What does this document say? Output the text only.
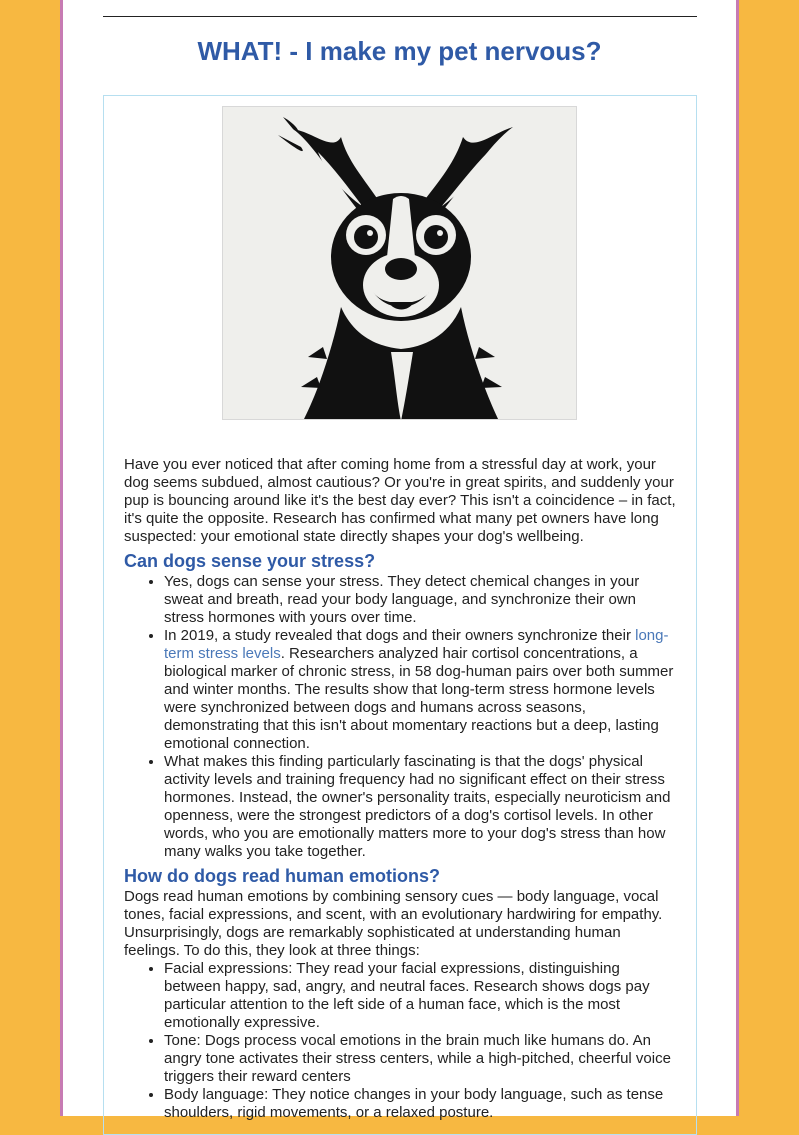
WHAT! - I make my pet nervous?

Have you ever noticed that after coming home from a stressful day at work, your dog seems subdued, almost cautious? Or you're in great spirits, and suddenly your pup is bouncing around like it's the best day ever? This isn't a coincidence – in fact, it's quite the opposite. Research has confirmed what many pet owners have long suspected: your emotional state directly shapes your dog's wellbeing.

Can dogs sense your stress?
• Yes, dogs can sense your stress. They detect chemical changes in your sweat and breath, read your body language, and synchronize their own stress hormones with yours over time.
• In 2019, a study revealed that dogs and their owners synchronize their long-term stress levels. Researchers analyzed hair cortisol concentrations, a biological marker of chronic stress, in 58 dog-human pairs over both summer and winter months. The results show that long-term stress hormone levels were synchronized between dogs and humans across seasons, demonstrating that this isn't about momentary reactions but a deep, lasting emotional connection.
• What makes this finding particularly fascinating is that the dogs' physical activity levels and training frequency had no significant effect on their stress hormones. Instead, the owner's personality traits, especially neuroticism and openness, were the strongest predictors of a dog's cortisol levels. In other words, who you are emotionally matters more to your dog's stress than how many walks you take together.
How do dogs read human emotions?

Dogs read human emotions by combining sensory cues — body language, vocal tones, facial expressions, and scent, with an evolutionary hardwiring for empathy. Unsurprisingly, dogs are remarkably sophisticated at understanding human feelings. To do this, they look at three things:

• Facial expressions: They read your facial expressions, distinguishing between happy, sad, angry, and neutral faces. Research shows dogs pay particular attention to the left side of a human face, which is the most emotionally expressive.
• Tone: Dogs process vocal emotions in the brain much like humans do. An angry tone activates their stress centers, while a high-pitched, cheerful voice triggers their reward centers
• Body language: They notice changes in your body language, such as tense shoulders, rigid movements, or a relaxed posture.
